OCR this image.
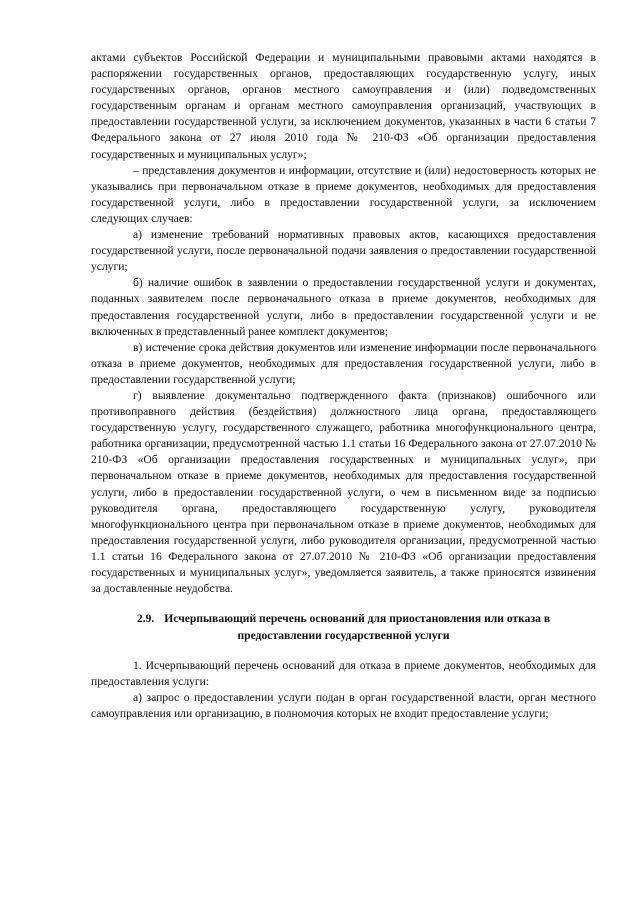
актами субъектов Российской Федерации и муниципальными правовыми актами находятся в распоряжении государственных органов, предоставляющих государственную услугу, иных государственных органов, органов местного самоуправления и (или) подведомственных государственным органам и органам местного самоуправления организаций, участвующих в предоставлении государственной услуги, за исключением документов, указанных в части 6 статьи 7 Федерального закона от 27 июля 2010 года № 210-ФЗ «Об организации предоставления государственных и муниципальных услуг»;

– представления документов и информации, отсутствие и (или) недостоверность которых не указывались при первоначальном отказе в приеме документов, необходимых для предоставления государственной услуги, либо в предоставлении государственной услуги, за исключением следующих случаев:

а) изменение требований нормативных правовых актов, касающихся предоставления государственной услуги, после первоначальной подачи заявления о предоставлении государственной услуги;

б) наличие ошибок в заявлении о предоставлении государственной услуги и документах, поданных заявителем после первоначального отказа в приеме документов, необходимых для предоставления государственной услуги, либо в предоставлении государственной услуги и не включенных в представленный ранее комплект документов;

в) истечение срока действия документов или изменение информации после первоначального отказа в приеме документов, необходимых для предоставления государственной услуги, либо в предоставлении государственной услуги;

г) выявление документально подтвержденного факта (признаков) ошибочного или противоправного действия (бездействия) должностного лица органа, предоставляющего государственную услугу, государственного служащего, работника многофункционального центра, работника организации, предусмотренной частью 1.1 статьи 16 Федерального закона от 27.07.2010 № 210-ФЗ «Об организации предоставления государственных и муниципальных услуг», при первоначальном отказе в приеме документов, необходимых для предоставления государственной услуги, либо в предоставлении государственной услуги, о чем в письменном виде за подписью руководителя органа, предоставляющего государственную услугу, руководителя многофункционального центра при первоначальном отказе в приеме документов, необходимых для предоставления государственной услуги, либо руководителя организации, предусмотренной частью 1.1 статьи 16 Федерального закона от 27.07.2010 № 210-ФЗ «Об организации предоставления государственных и муниципальных услуг», уведомляется заявитель, а также приносятся извинения за доставленные неудобства.

2.9. Исчерпывающий перечень оснований для приостановления или отказа в
предоставлении государственной услуги

1. Исчерпывающий перечень оснований для отказа в приеме документов, необходимых для предоставления услуги:

а) запрос о предоставлении услуги подан в орган государственной власти, орган местного самоуправления или организацию, в полномочия которых не входит предоставление услуги;
